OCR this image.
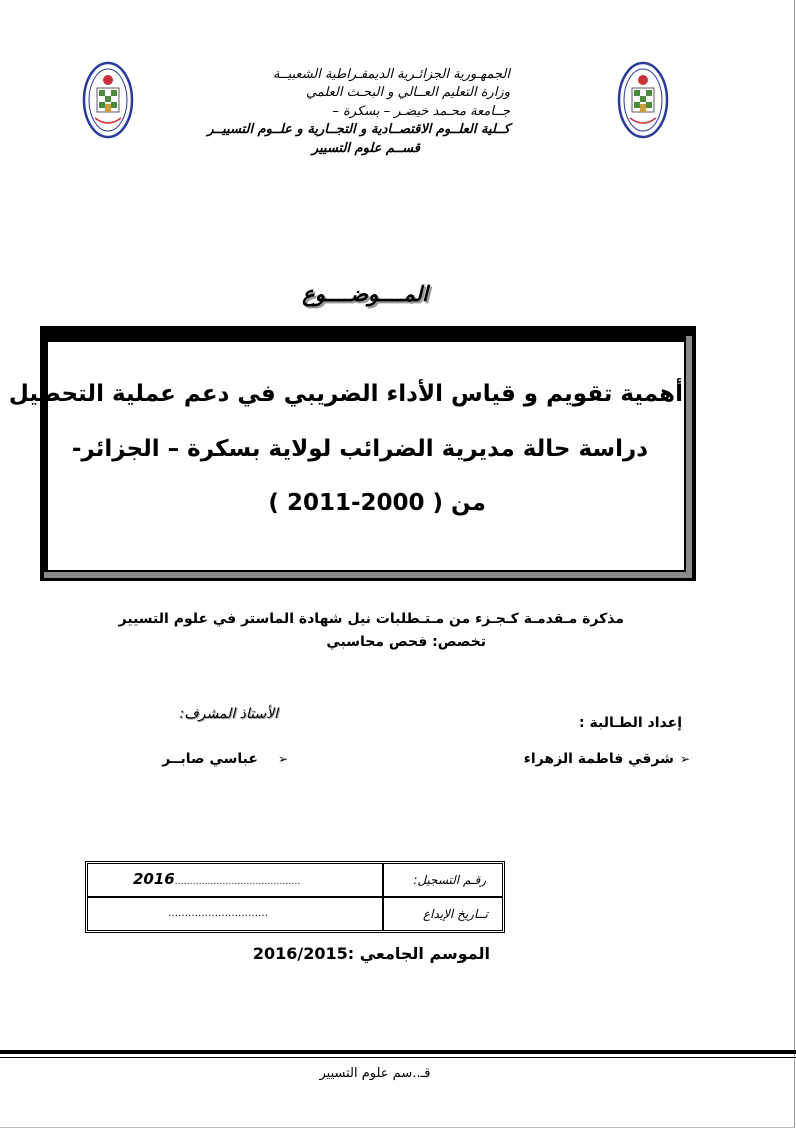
الجمهـورية الجزائـرية الديمقـراطية الشعبيــة
وزارة التعليم العــالي و البحـث العلمي
جــامعة محـمد خيضـر – بسكرة –
كــلية العلــوم الاقتصــادية و التجــارية و علــوم التسييــر
قســم علوم التسيير
المــــوضــــوع
أهمية تقويم و قياس الأداء الضريبي في دعم عملية التحصيل
دراسة حالة مديرية الضرائب لولاية بسكرة – الجزائر-
من ( 2000-2011 )
مذكرة مـقدمـة كـجـزء من مـتـطلبات نيل شهادة الماستر في علوم التسيير
تخصص: فحص محاسبي
إعداد الطـالبة :
الأستاذ المشرف:
➢شرقي فاطمة الزهراء
➢عباسي صابــر
رقـم التسجيل:
…………………………..……….2016
تــاريخ الإيداع
…………………………
الموسم الجامعي :2016/2015
قـ..سم علوم التسيير
